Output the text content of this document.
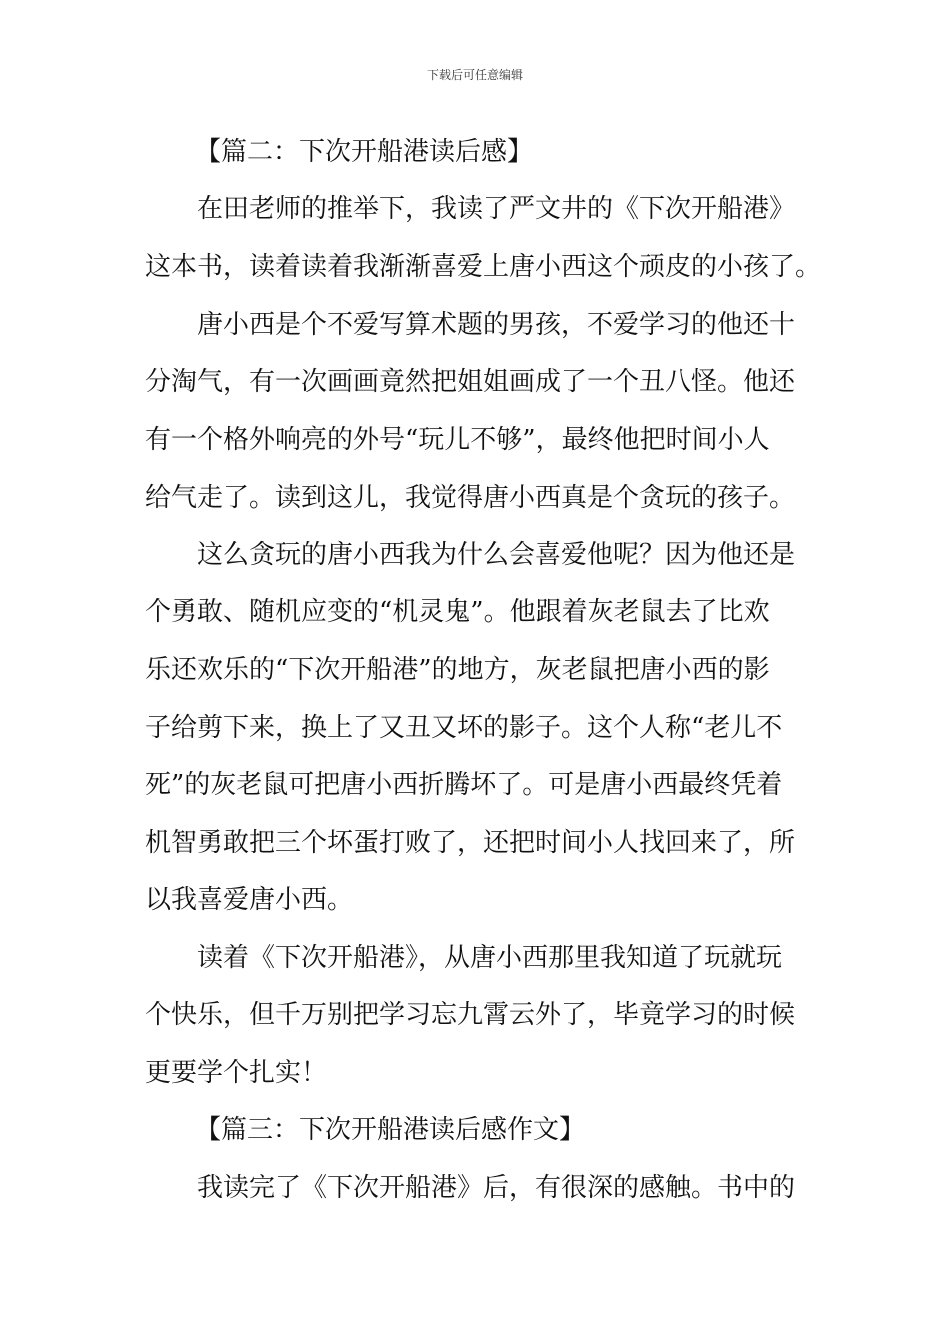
下载后可任意编辑
【篇二：下次开船港读后感】
在田老师的推举下，我读了严文井的《下次开船港》
这本书，读着读着我渐渐喜爱上唐小西这个顽皮的小孩了。
唐小西是个不爱写算术题的男孩，不爱学习的他还十
分淘气，有一次画画竟然把姐姐画成了一个丑八怪。他还
有一个格外响亮的外号“玩儿不够”，最终他把时间小人
给气走了。读到这儿，我觉得唐小西真是个贪玩的孩子。
这么贪玩的唐小西我为什么会喜爱他呢？因为他还是
个勇敢、随机应变的“机灵鬼”。他跟着灰老鼠去了比欢
乐还欢乐的“下次开船港”的地方，灰老鼠把唐小西的影
子给剪下来，换上了又丑又坏的影子。这个人称“老儿不
死”的灰老鼠可把唐小西折腾坏了。可是唐小西最终凭着
机智勇敢把三个坏蛋打败了，还把时间小人找回来了，所
以我喜爱唐小西。
读着《下次开船港》，从唐小西那里我知道了玩就玩
个快乐，但千万别把学习忘九霄云外了，毕竟学习的时候
更要学个扎实！
【篇三：下次开船港读后感作文】
我读完了《下次开船港》后，有很深的感触。书中的
